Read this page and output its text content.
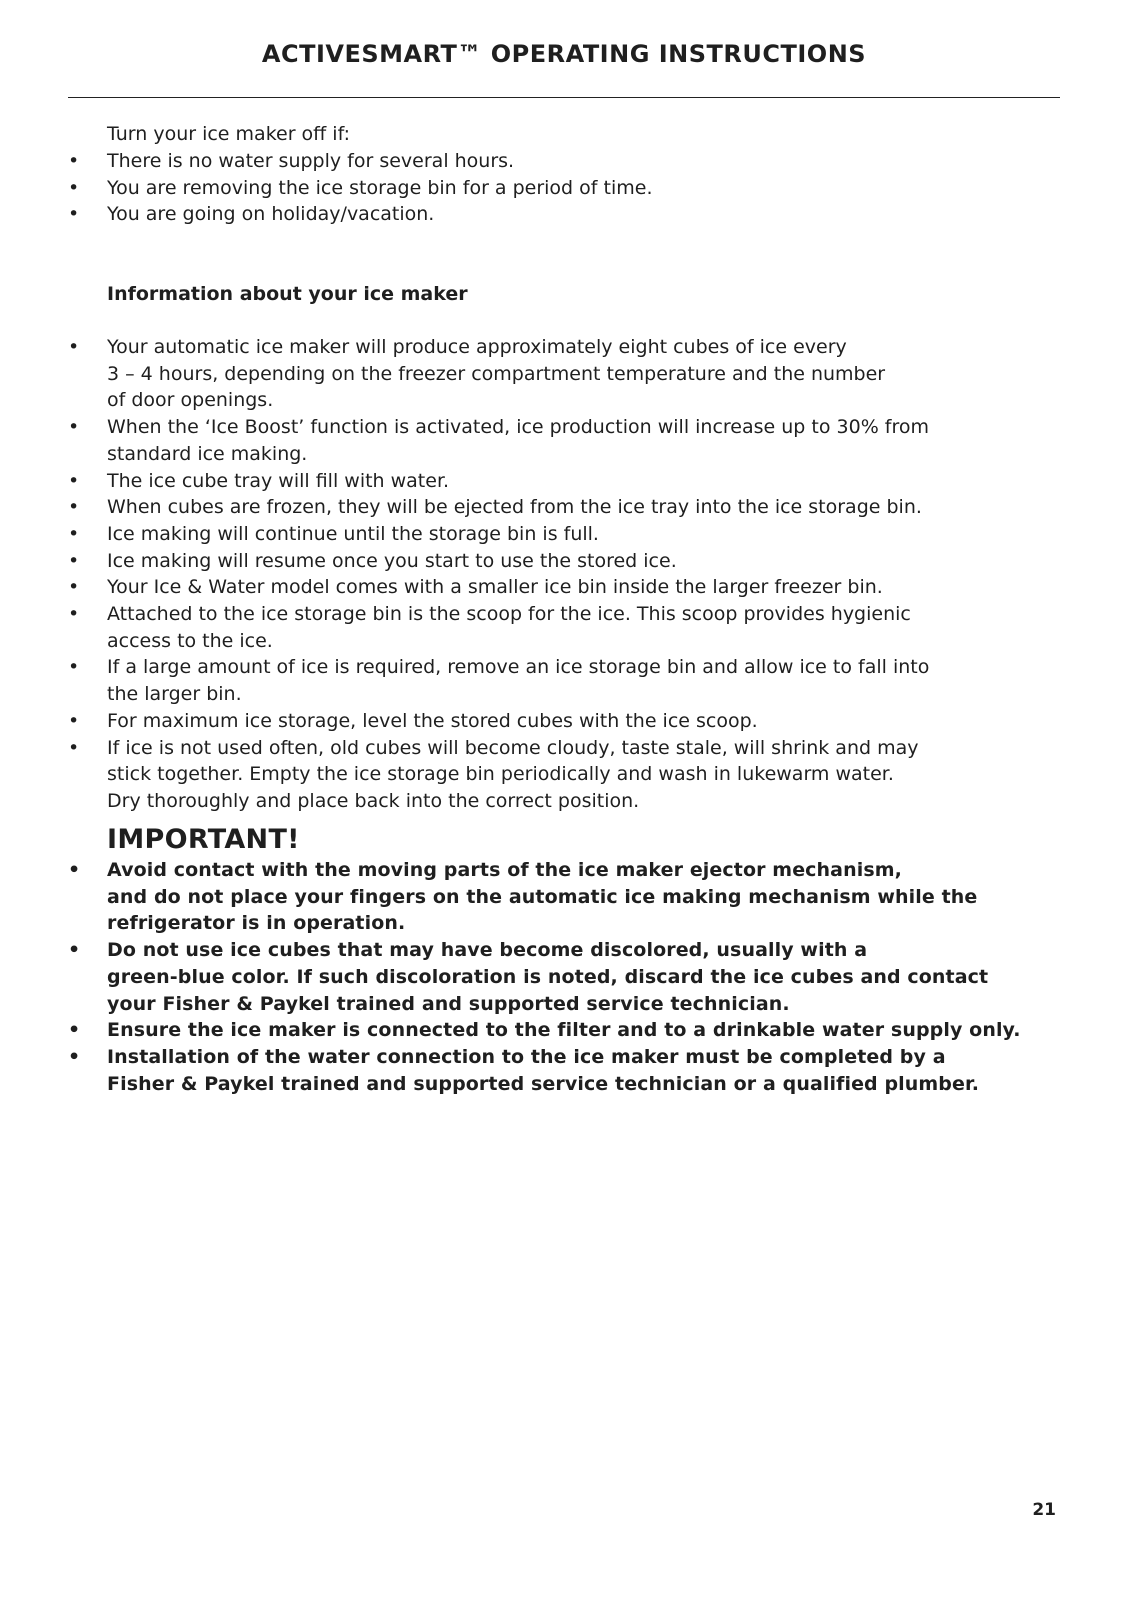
ACTIVESMART™ OPERATING INSTRUCTIONS
Turn your ice maker off if:
• There is no water supply for several hours.
• You are removing the ice storage bin for a period of time.
• You are going on holiday/vacation.
Information about your ice maker
• Your automatic ice maker will produce approximately eight cubes of ice every
3 – 4 hours, depending on the freezer compartment temperature and the number
of door openings.
• When the ‘Ice Boost’ function is activated, ice production will increase up to 30% from
standard ice making.
• The ice cube tray will fill with water.
• When cubes are frozen, they will be ejected from the ice tray into the ice storage bin.
• Ice making will continue until the storage bin is full.
• Ice making will resume once you start to use the stored ice.
• Your Ice & Water model comes with a smaller ice bin inside the larger freezer bin.
• Attached to the ice storage bin is the scoop for the ice. This scoop provides hygienic
access to the ice.
• If a large amount of ice is required, remove an ice storage bin and allow ice to fall into
the larger bin.
• For maximum ice storage, level the stored cubes with the ice scoop.
• If ice is not used often, old cubes will become cloudy, taste stale, will shrink and may
stick together. Empty the ice storage bin periodically and wash in lukewarm water.
Dry thoroughly and place back into the correct position.
IMPORTANT!
• Avoid contact with the moving parts of the ice maker ejector mechanism,
and do not place your fingers on the automatic ice making mechanism while the
refrigerator is in operation.
• Do not use ice cubes that may have become discolored, usually with a
green-blue color. If such discoloration is noted, discard the ice cubes and contact
your Fisher & Paykel trained and supported service technician.
• Ensure the ice maker is connected to the filter and to a drinkable water supply only.
• Installation of the water connection to the ice maker must be completed by a
Fisher & Paykel trained and supported service technician or a qualified plumber.
21
